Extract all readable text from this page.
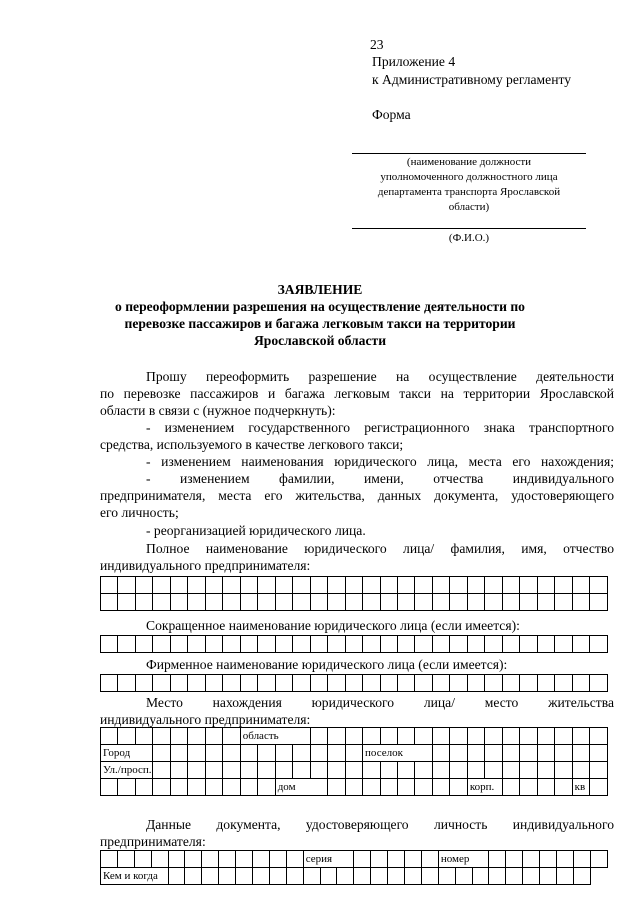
23
Приложение 4
к Административному регламенту
Форма
(наименование должности
уполномоченного должностного лица
департамента транспорта Ярославской
области)
(Ф.И.О.)
ЗАЯВЛЕНИЕ
о переоформлении разрешения на осуществление деятельности по
перевозке пассажиров и багажа легковым такси на территории
Ярославской области
Прошу переоформить разрешение на осуществление деятельности
по перевозке пассажиров и багажа легковым такси на территории Ярославской
области в связи с (нужное подчеркнуть):
- изменением государственного регистрационного знака транспортного
средства, используемого в качестве легкового такси;
- изменением наименования юридического лица, места его нахождения;
- изменением фамилии, имени, отчества индивидуального
предпринимателя, места его жительства, данных документа, удостоверяющего
его личность;
- реорганизацией юридического лица.
Полное наименование юридического лица/ фамилия, имя, отчество
индивидуального предпринимателя:

Сокращенное наименование юридического лица (если имеется):

Фирменное наименование юридического лица (если имеется):

Место нахождения юридического лица/ место жительства
индивидуального предпринимателя:
								область																				
Город															поселок													
Ул./просп.																												
										дом											корп.						кв	
Данные документа, удостоверяющего личность индивидуального
предпринимателя:
												серия								номер									
Кем и когда																													
